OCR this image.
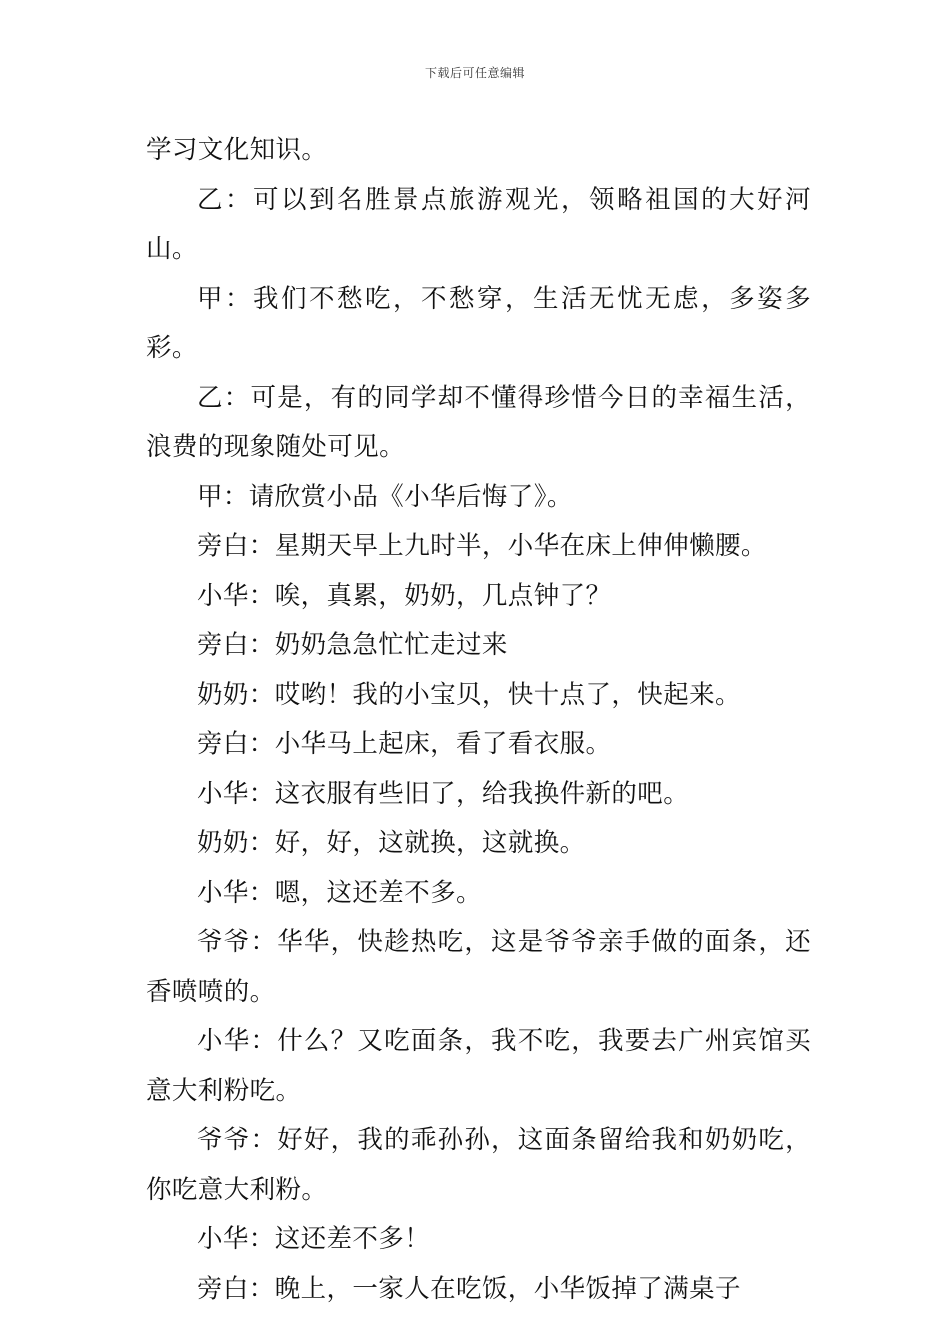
下载后可任意编辑

学习文化知识。

乙：可以到名胜景点旅游观光，领略祖国的大好河山。

甲：我们不愁吃，不愁穿，生活无忧无虑，多姿多彩。

乙：可是，有的同学却不懂得珍惜今日的幸福生活，浪费的现象随处可见。

甲：请欣赏小品《小华后悔了》。

旁白：星期天早上九时半，小华在床上伸伸懒腰。

小华：唉，真累，奶奶，几点钟了？

旁白：奶奶急急忙忙走过来

奶奶：哎哟！我的小宝贝，快十点了，快起来。

旁白：小华马上起床，看了看衣服。

小华：这衣服有些旧了，给我换件新的吧。

奶奶：好，好，这就换，这就换。

小华：嗯，这还差不多。

爷爷：华华，快趁热吃，这是爷爷亲手做的面条，还香喷喷的。

小华：什么？又吃面条，我不吃，我要去广州宾馆买意大利粉吃。

爷爷：好好，我的乖孙孙，这面条留给我和奶奶吃，你吃意大利粉。

小华：这还差不多！

旁白：晚上，一家人在吃饭，小华饭掉了满桌子
